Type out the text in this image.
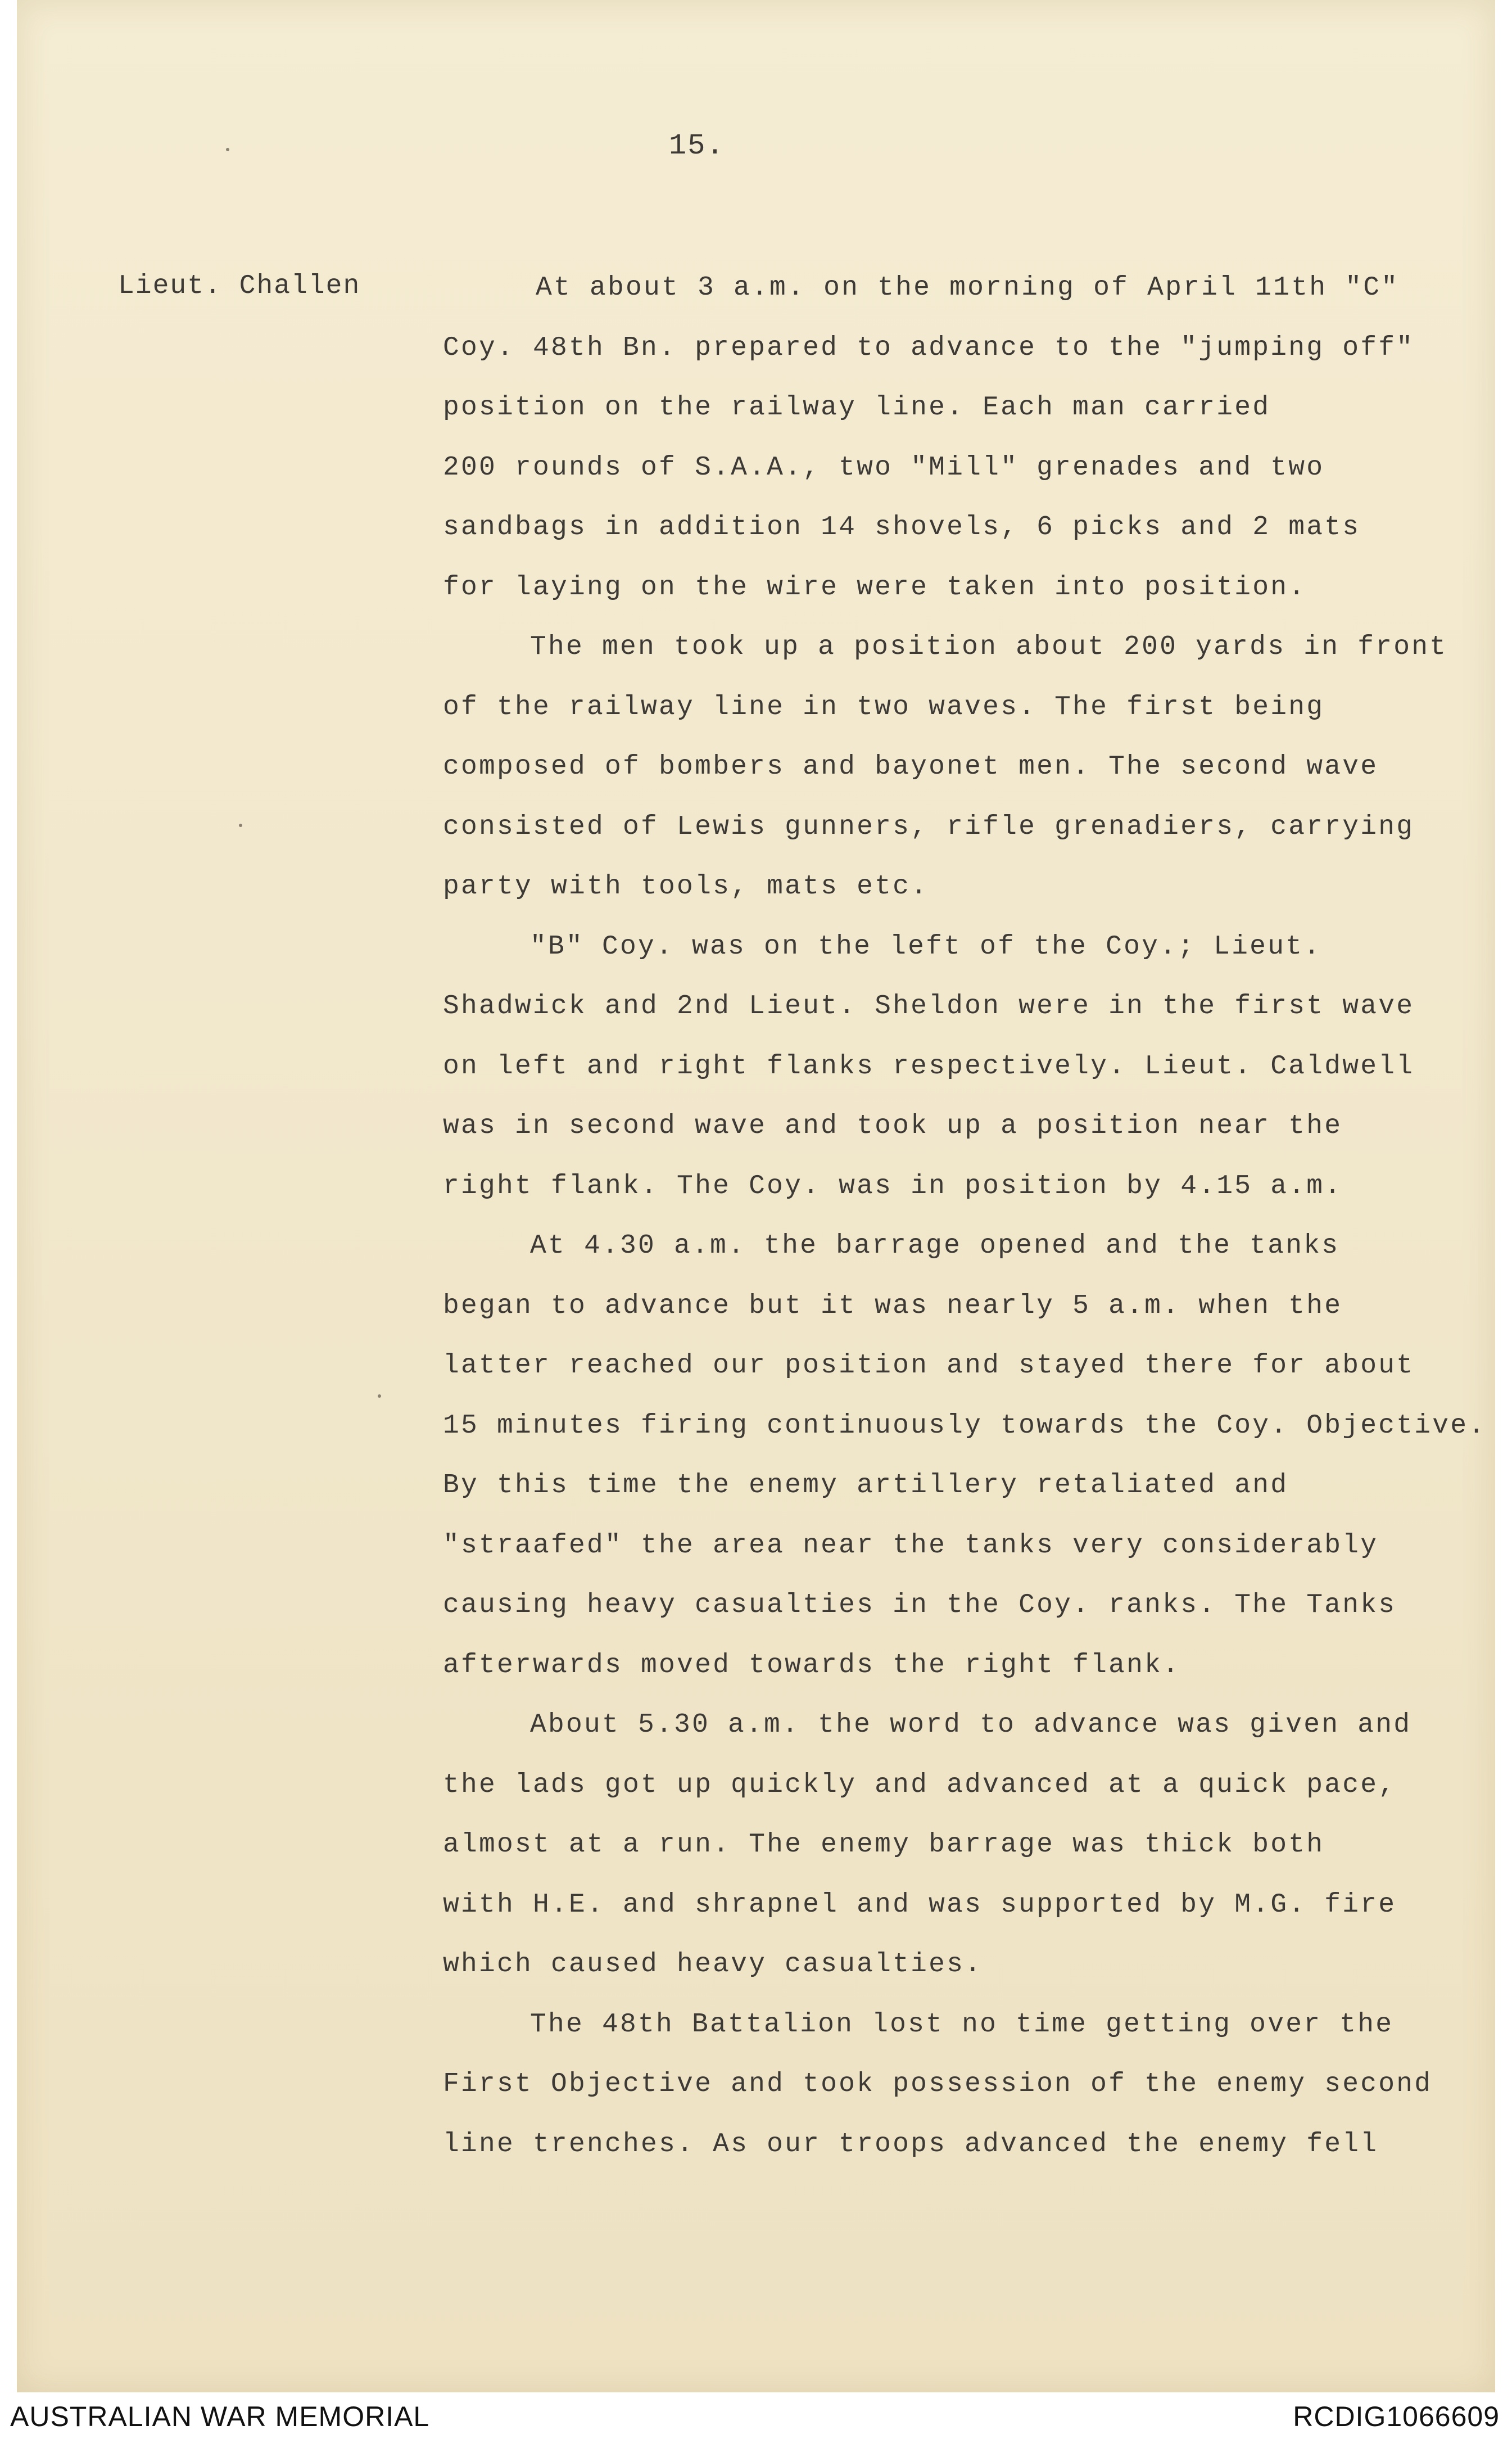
15.
Lieut. Challen	At about 3 a.m. on the morning of April 11th "C"
Coy. 48th Bn. prepared to advance to the "jumping off"
position on the railway line. Each man carried
200 rounds of S.A.A., two "Mill" grenades and two
sandbags in addition 14 shovels, 6 picks and 2 mats
for laying on the wire were taken into position.
The men took up a position about 200 yards in front
of the railway line in two waves. The first being
composed of bombers and bayonet men. The second wave
consisted of Lewis gunners, rifle grenadiers, carrying
party with tools, mats etc.
"B" Coy. was on the left of the Coy.; Lieut.
Shadwick and 2nd Lieut. Sheldon were in the first wave
on left and right flanks respectively. Lieut. Caldwell
was in second wave and took up a position near the
right flank. The Coy. was in position by 4.15 a.m.
At 4.30 a.m. the barrage opened and the tanks
began to advance but it was nearly 5 a.m. when the
latter reached our position and stayed there for about
15 minutes firing continuously towards the Coy. Objective.
By this time the enemy artillery retaliated and
"straafed" the area near the tanks very considerably
causing heavy casualties in the Coy. ranks. The Tanks
afterwards moved towards the right flank.
About 5.30 a.m. the word to advance was given and
the lads got up quickly and advanced at a quick pace,
almost at a run. The enemy barrage was thick both
with H.E. and shrapnel and was supported by M.G. fire
which caused heavy casualties.
The 48th Battalion lost no time getting over the
First Objective and took possession of the enemy second
line trenches. As our troops advanced the enemy fell
AUSTRALIAN WAR MEMORIAL	RCDIG1066609
